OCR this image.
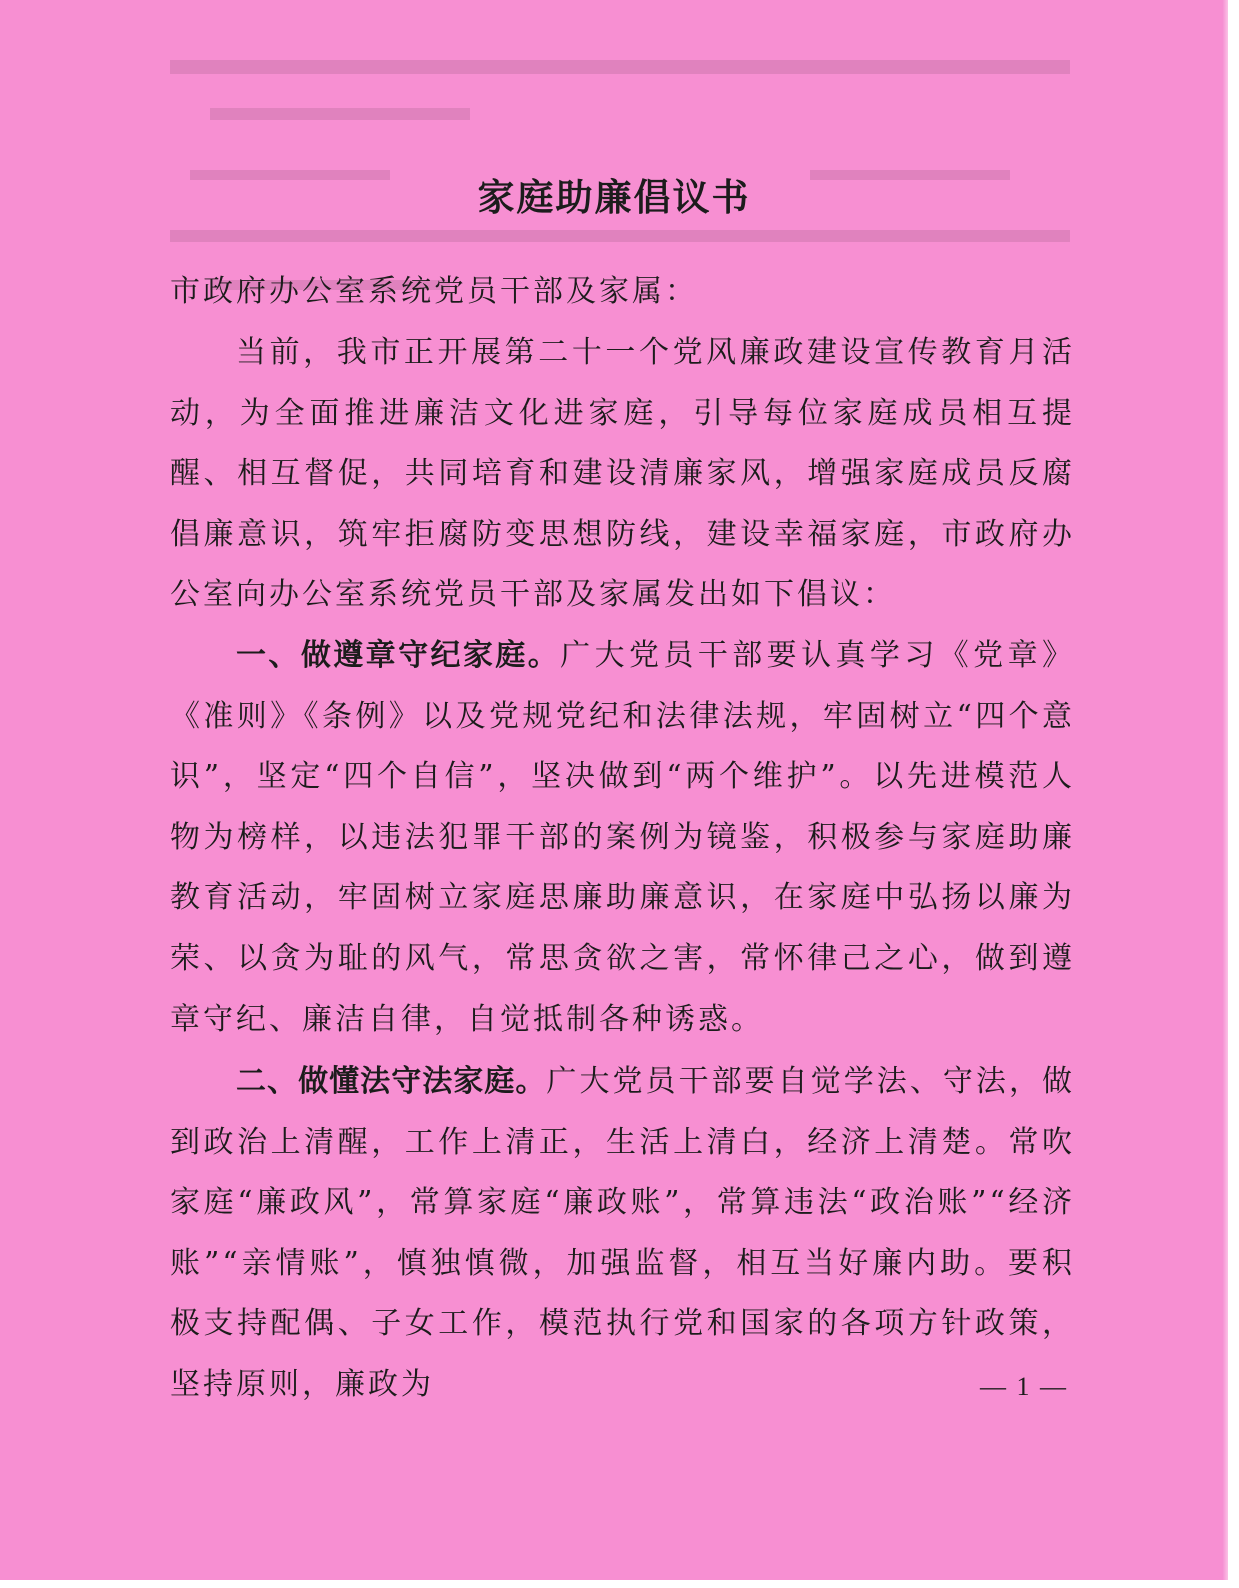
家庭助廉倡议书
市政府办公室系统党员干部及家属：
当前，我市正开展第二十一个党风廉政建设宣传教育月活动，为全面推进廉洁文化进家庭，引导每位家庭成员相互提醒、相互督促，共同培育和建设清廉家风，增强家庭成员反腐倡廉意识，筑牢拒腐防变思想防线，建设幸福家庭，市政府办公室向办公室系统党员干部及家属发出如下倡议：
一、做遵章守纪家庭。广大党员干部要认真学习《党章》《准则》《条例》以及党规党纪和法律法规，牢固树立“四个意识”，坚定“四个自信”，坚决做到“两个维护”。以先进模范人物为榜样，以违法犯罪干部的案例为镜鉴，积极参与家庭助廉教育活动，牢固树立家庭思廉助廉意识，在家庭中弘扬以廉为荣、以贪为耻的风气，常思贪欲之害，常怀律己之心，做到遵章守纪、廉洁自律，自觉抵制各种诱惑。
二、做懂法守法家庭。广大党员干部要自觉学法、守法，做到政治上清醒，工作上清正，生活上清白，经济上清楚。常吹家庭“廉政风”，常算家庭“廉政账”，常算违法“政治账”“经济账”“亲情账”，慎独慎微，加强监督，相互当好廉内助。要积极支持配偶、子女工作，模范执行党和国家的各项方针政策，坚持原则，廉政为	— 1 —
